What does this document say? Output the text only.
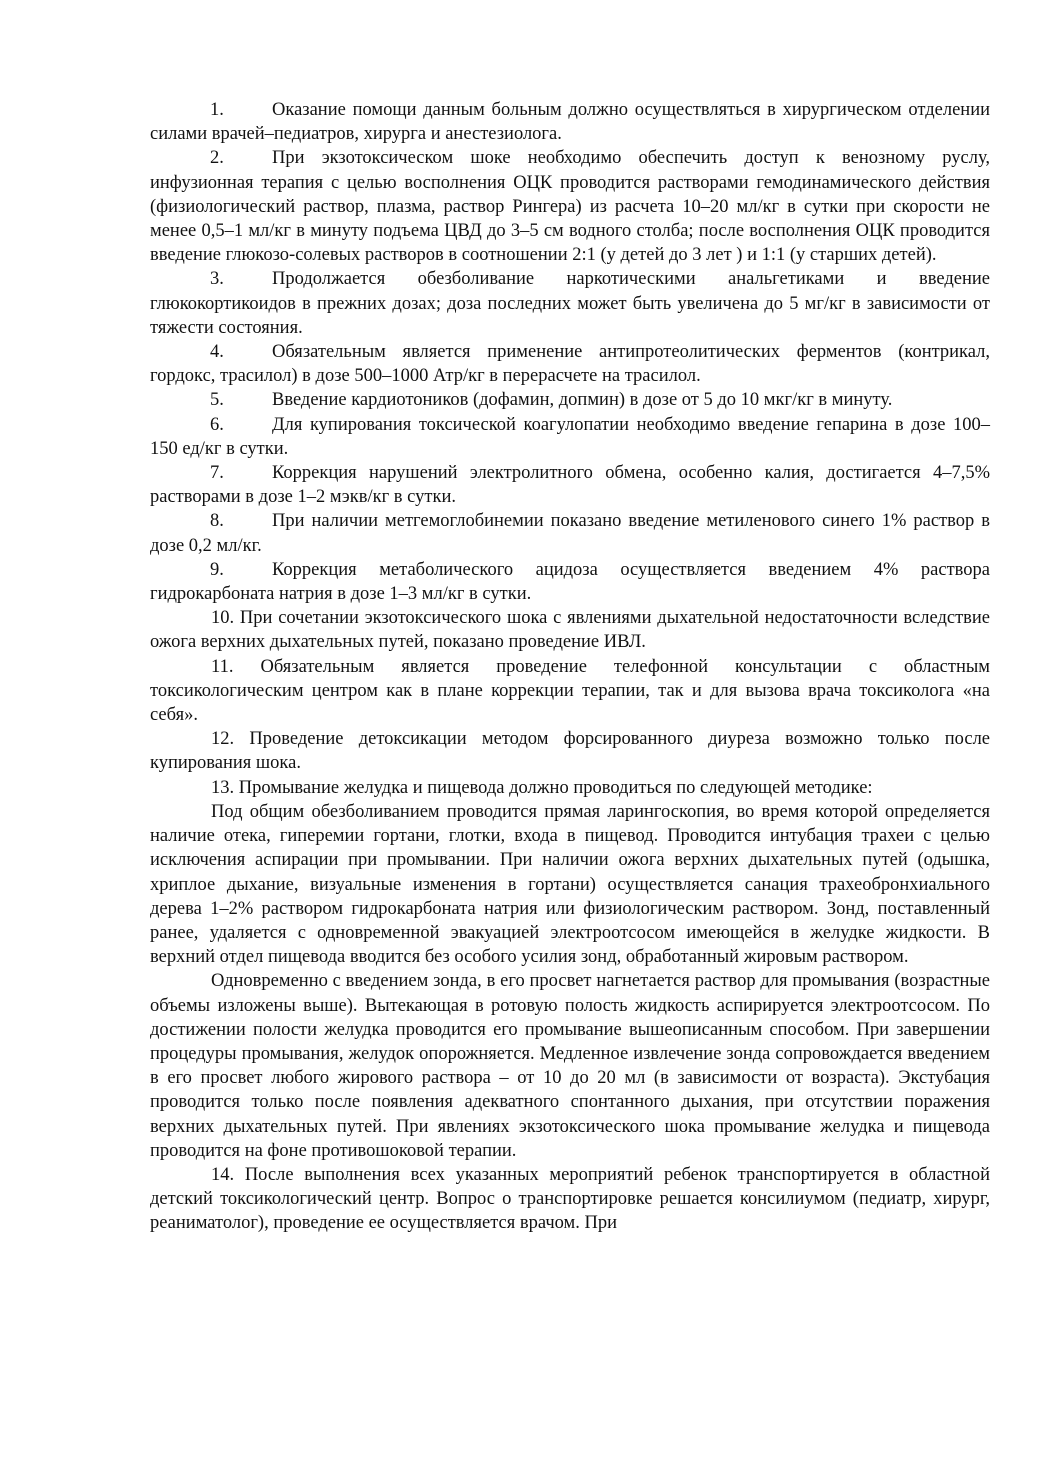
1.	Оказание помощи данным больным должно осуществляться в хирургическом отделении силами врачей–педиатров, хирурга и анестезиолога.

2.	При экзотоксическом шоке необходимо обеспечить доступ к венозному руслу, инфузионная терапия с целью восполнения ОЦК проводится растворами гемодинамического действия (физиологический раствор, плазма, раствор Рингера) из расчета 10–20 мл/кг в сутки при скорости не менее 0,5–1 мл/кг в минуту подъема ЦВД до 3–5 см водного столба; после восполнения ОЦК проводится введение глюкозо-солевых растворов в соотношении 2:1 (у детей до 3 лет ) и 1:1 (у старших детей).

3.	Продолжается обезболивание наркотическими анальгетиками и введение глюкокортикоидов в прежних дозах; доза последних может быть увеличена до 5 мг/кг в зависимости от тяжести состояния.

4.	Обязательным является применение антипротеолитических ферментов (контрикал, гордокс, трасилол) в дозе 500–1000 Атр/кг в перерасчете на трасилол.

5.	Введение кардиотоников (дофамин, допмин) в дозе от 5 до 10 мкг/кг в минуту.

6.	Для купирования токсической коагулопатии необходимо введение гепарина в дозе 100–150 ед/кг в сутки.

7.	Коррекция нарушений электролитного обмена, особенно калия, достигается 4–7,5% растворами в дозе 1–2 мэкв/кг в сутки.

8.	При наличии метгемоглобинемии показано введение метиленового синего 1% раствор в дозе 0,2 мл/кг.

9.	Коррекция метаболического ацидоза осуществляется введением 4% раствора гидрокарбоната натрия в дозе 1–3 мл/кг в сутки.

10. При сочетании экзотоксического шока с явлениями дыхательной недостаточности вследствие ожога верхних дыхательных путей, показано проведение ИВЛ.

11. Обязательным является проведение телефонной консультации с областным токсикологическим центром как в плане коррекции терапии, так и для вызова врача токсиколога «на себя».

12. Проведение детоксикации методом форсированного диуреза возможно только после купирования шока.

13. Промывание желудка и пищевода должно проводиться по следующей методике:

Под общим обезболиванием проводится прямая ларингоскопия, во время которой определяется наличие отека, гиперемии гортани, глотки, входа в пищевод. Проводится интубация трахеи с целью исключения аспирации при промывании. При наличии ожога верхних дыхательных путей (одышка, хриплое дыхание, визуальные изменения в гортани) осуществляется санация трахеобронхиального дерева 1–2% раствором гидрокарбоната натрия или физиологическим раствором. Зонд, поставленный ранее, удаляется с одновременной эвакуацией электроотсосом имеющейся в желудке жидкости. В верхний отдел пищевода вводится без особого усилия зонд, обработанный жировым раствором.

Одновременно с введением зонда, в его просвет нагнетается раствор для промывания (возрастные объемы изложены выше). Вытекающая в ротовую полость жидкость аспирируется электроотсосом. По достижении полости желудка проводится его промывание вышеописанным способом. При завершении процедуры промывания, желудок опорожняется. Медленное извлечение зонда сопровождается введением в его просвет любого жирового раствора – от 10 до 20 мл (в зависимости от возраста). Экстубация проводится только после появления адекватного спонтанного дыхания, при отсутствии поражения верхних дыхательных путей. При явлениях экзотоксического шока промывание желудка и пищевода проводится на фоне противошоковой терапии.

14. После выполнения всех указанных мероприятий ребенок транспортируется в областной детский токсикологический центр. Вопрос о транспортировке решается консилиумом (педиатр, хирург, реаниматолог), проведение ее осуществляется врачом. При
